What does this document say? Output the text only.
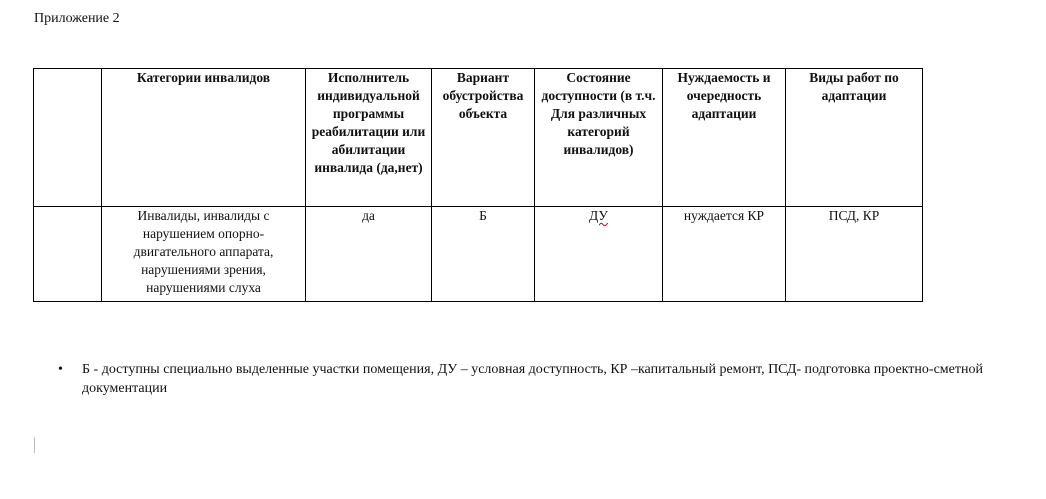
Приложение 2
	Категории инвалидов	Исполнитель индивидуальной программы реабилитации или абилитации инвалида (да,нет)	Вариант обустройства объекта	Состояние доступности (в т.ч. Для различных категорий инвалидов)	Нуждаемость и очередность адаптации	Виды работ по адаптации
	Инвалиды, инвалиды с нарушением опорно-двигательного аппарата, нарушениями зрения, нарушениями слуха	да	Б	ДУ	нуждается КР	ПСД, КР
• Б - доступны специально выделенные участки помещения, ДУ – условная доступность, КР –капитальный ремонт, ПСД- подготовка проектно-сметной документации
